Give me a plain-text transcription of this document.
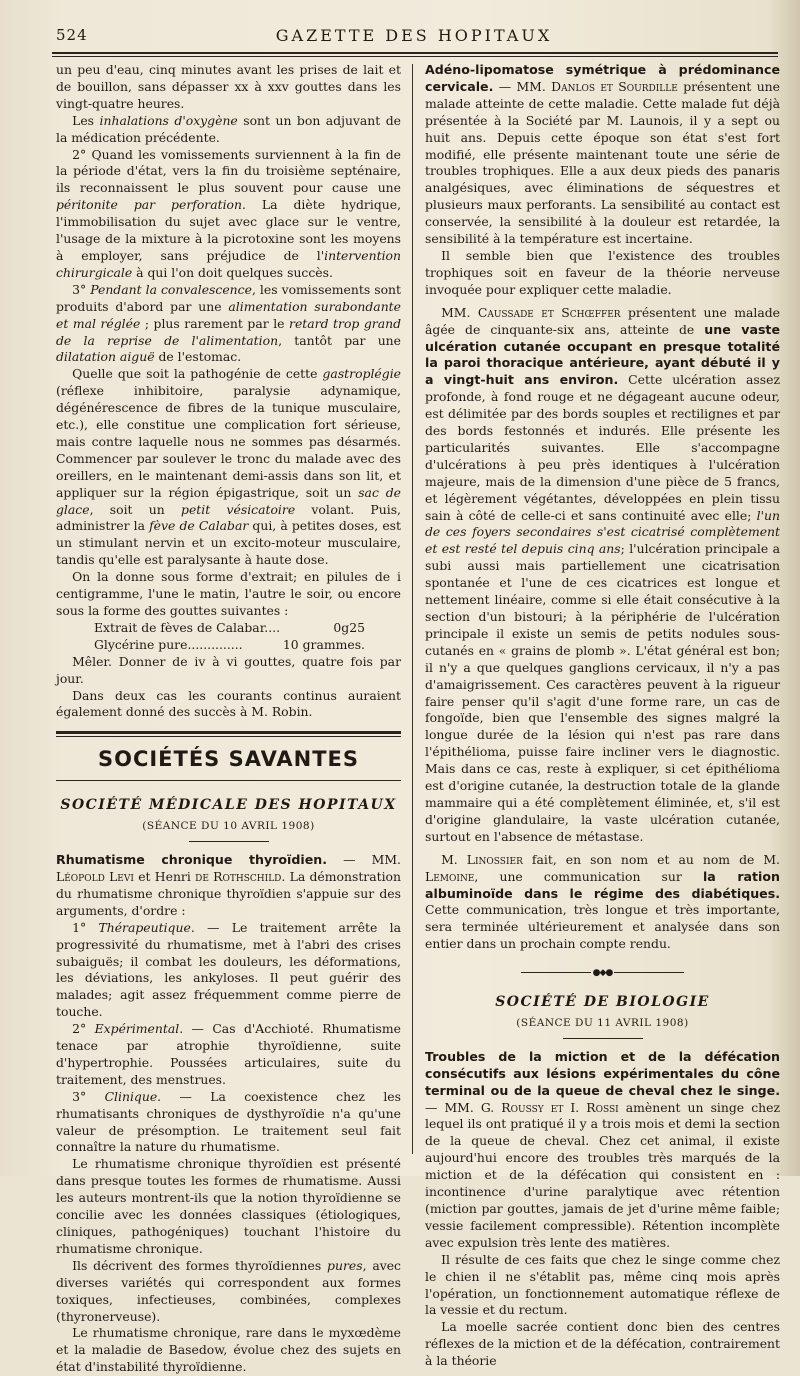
524	GAZETTE DES HOPITAUX

un peu d'eau, cinq minutes avant les prises de lait et de bouillon, sans dépasser xx à xxv gouttes dans les vingt-quatre heures.

Les inhalations d'oxygène sont un bon adjuvant de la médication précédente.

2° Quand les vomissements surviennent à la fin de la période d'état, vers la fin du troisième septénaire, ils reconnaissent le plus souvent pour cause une péritonite par perforation. La diète hydrique, l'immobilisation du sujet avec glace sur le ventre, l'usage de la mixture à la picrotoxine sont les moyens à employer, sans préjudice de l'intervention chirurgicale à qui l'on doit quelques succès.

3° Pendant la convalescence, les vomissements sont produits d'abord par une alimentation surabondante et mal réglée ; plus rarement par le retard trop grand de la reprise de l'alimentation, tantôt par une dilatation aiguë de l'estomac.

Quelle que soit la pathogénie de cette gastroplégie (réflexe inhibitoire, paralysie adynamique, dégénérescence de fibres de la tunique musculaire, etc.), elle constitue une complication fort sérieuse, mais contre laquelle nous ne sommes pas désarmés. Commencer par soulever le tronc du malade avec des oreillers, en le maintenant demi-assis dans son lit, et appliquer sur la région épigastrique, soit un sac de glace, soit un petit vésicatoire volant. Puis, administrer la fève de Calabar qui, à petites doses, est un stimulant nervin et un excito-moteur musculaire, tandis qu'elle est paralysante à haute dose.

On la donne sous forme d'extrait; en pilules de i centigramme, l'une le matin, l'autre le soir, ou encore sous la forme des gouttes suivantes :

Extrait de fèves de Calabar....	0g25
Glycérine pure..............	10 grammes.

Mêler. Donner de iv à vi gouttes, quatre fois par jour.

Dans deux cas les courants continus auraient également donné des succès à M. Robin.

SOCIÉTÉS SAVANTES
SOCIÉTÉ MÉDICALE DES HOPITAUX
(SÉANCE DU 10 AVRIL 1908)

Rhumatisme chronique thyroïdien. — MM. Léopold Levi et Henri de Rothschild. La démonstration du rhumatisme chronique thyroïdien s'appuie sur des arguments, d'ordre :

1° Thérapeutique. — Le traitement arrête la progressivité du rhumatisme, met à l'abri des crises subaiguës; il combat les douleurs, les déformations, les déviations, les ankyloses. Il peut guérir des malades; agit assez fréquemment comme pierre de touche.

2° Expérimental. — Cas d'Acchioté. Rhumatisme tenace par atrophie thyroïdienne, suite d'hypertrophie. Poussées articulaires, suite du traitement, des menstrues.

3° Clinique. — La coexistence chez les rhumatisants chroniques de dysthyroïdie n'a qu'une valeur de présomption. Le traitement seul fait connaître la nature du rhumatisme.

Le rhumatisme chronique thyroïdien est présenté dans presque toutes les formes de rhumatisme. Aussi les auteurs montrent-ils que la notion thyroïdienne se concilie avec les données classiques (étiologiques, cliniques, pathogéniques) touchant l'histoire du rhumatisme chronique.

Ils décrivent des formes thyroïdiennes pures, avec diverses variétés qui correspondent aux formes toxiques, infectieuses, combinées, complexes (thyronerveuse).

Le rhumatisme chronique, rare dans le myxœdème et la maladie de Basedow, évolue chez des sujets en état d'instabilité thyroïdienne.

Adéno-lipomatose symétrique à prédominance cervicale. — MM. Danlos et Sourdille présentent une malade atteinte de cette maladie. Cette malade fut déjà présentée à la Société par M. Launois, il y a sept ou huit ans. Depuis cette époque son état s'est fort modifié, elle présente maintenant toute une série de troubles trophiques. Elle a aux deux pieds des panaris analgésiques, avec éliminations de séquestres et plusieurs maux perforants. La sensibilité au contact est conservée, la sensibilité à la douleur est retardée, la sensibilité à la température est incertaine.

Il semble bien que l'existence des troubles trophiques soit en faveur de la théorie nerveuse invoquée pour expliquer cette maladie.

MM. Caussade et Schœffer présentent une malade âgée de cinquante-six ans, atteinte de une vaste ulcération cutanée occupant en presque totalité la paroi thoracique antérieure, ayant débuté il y a vingt-huit ans environ. Cette ulcération assez profonde, à fond rouge et ne dégageant aucune odeur, est délimitée par des bords souples et rectilignes et par des bords festonnés et indurés. Elle présente les particularités suivantes. Elle s'accompagne d'ulcérations à peu près identiques à l'ulcération majeure, mais de la dimension d'une pièce de 5 francs, et légèrement végétantes, développées en plein tissu sain à côté de celle-ci et sans continuité avec elle; l'un de ces foyers secondaires s'est cicatrisé complètement et est resté tel depuis cinq ans; l'ulcération principale a subi aussi mais partiellement une cicatrisation spontanée et l'une de ces cicatrices est longue et nettement linéaire, comme si elle était consécutive à la section d'un bistouri; à la périphérie de l'ulcération principale il existe un semis de petits nodules sous-cutanés en « grains de plomb ». L'état général est bon; il n'y a que quelques ganglions cervicaux, il n'y a pas d'amaigrissement. Ces caractères peuvent à la rigueur faire penser qu'il s'agit d'une forme rare, un cas de fongoïde, bien que l'ensemble des signes malgré la longue durée de la lésion qui n'est pas rare dans l'épithélioma, puisse faire incliner vers le diagnostic. Mais dans ce cas, reste à expliquer, si cet épithélioma est d'origine cutanée, la destruction totale de la glande mammaire qui a été complètement éliminée, et, s'il est d'origine glandulaire, la vaste ulcération cutanée, surtout en l'absence de métastase.

M. Linossier fait, en son nom et au nom de M. Lemoine, une communication sur la ration albuminoïde dans le régime des diabétiques. Cette communication, très longue et très importante, sera terminée ultérieurement et analysée dans son entier dans un prochain compte rendu.

●◆●
SOCIÉTÉ DE BIOLOGIE
(SÉANCE DU 11 AVRIL 1908)

Troubles de la miction et de la défécation consécutifs aux lésions expérimentales du cône terminal ou de la queue de cheval chez le singe. — MM. G. Roussy et I. Rossi amènent un singe chez lequel ils ont pratiqué il y a trois mois et demi la section de la queue de cheval. Chez cet animal, il existe aujourd'hui encore des troubles très marqués de la miction et de la défécation qui consistent en : incontinence d'urine paralytique avec rétention (miction par gouttes, jamais de jet d'urine même faible; vessie facilement compressible). Rétention incomplète avec expulsion très lente des matières.

Il résulte de ces faits que chez le singe comme chez le chien il ne s'établit pas, même cinq mois après l'opération, un fonctionnement automatique réflexe de la vessie et du rectum.

La moelle sacrée contient donc bien des centres réflexes de la miction et de la défécation, contrairement à la théorie
